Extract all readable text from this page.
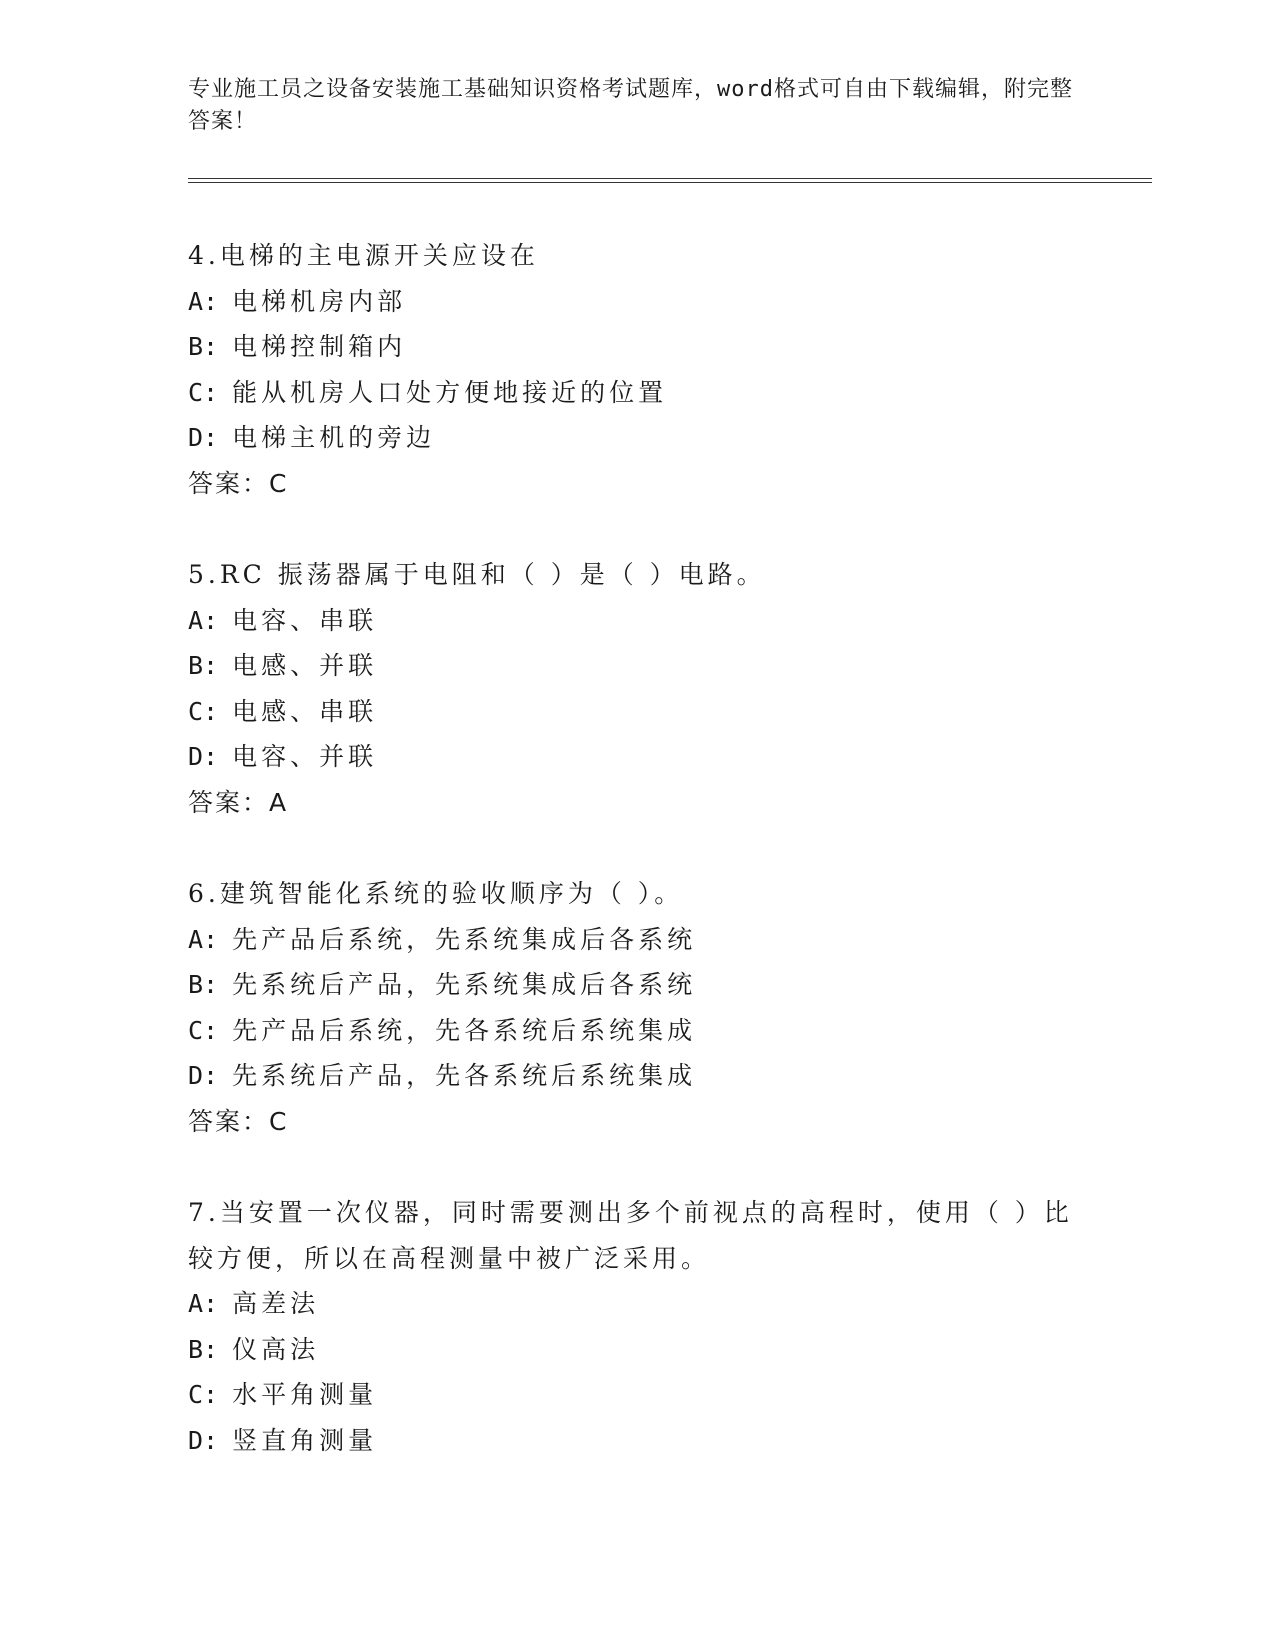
专业施工员之设备安装施工基础知识资格考试题库，word格式可自由下载编辑，附完整答案！
4.电梯的主电源开关应设在
A: 电梯机房内部
B: 电梯控制箱内
C: 能从机房人口处方便地接近的位置
D: 电梯主机的旁边
答案：C
5.RC 振荡器属于电阻和（ ）是（ ）电路。
A: 电容、串联
B: 电感、并联
C: 电感、串联
D: 电容、并联
答案：A
6.建筑智能化系统的验收顺序为（ ）。
A: 先产品后系统，先系统集成后各系统
B: 先系统后产品，先系统集成后各系统
C: 先产品后系统，先各系统后系统集成
D: 先系统后产品，先各系统后系统集成
答案：C
7.当安置一次仪器，同时需要测出多个前视点的高程时，使用（ ）比较方便，所以在高程测量中被广泛采用。
A: 高差法
B: 仪高法
C: 水平角测量
D: 竖直角测量
